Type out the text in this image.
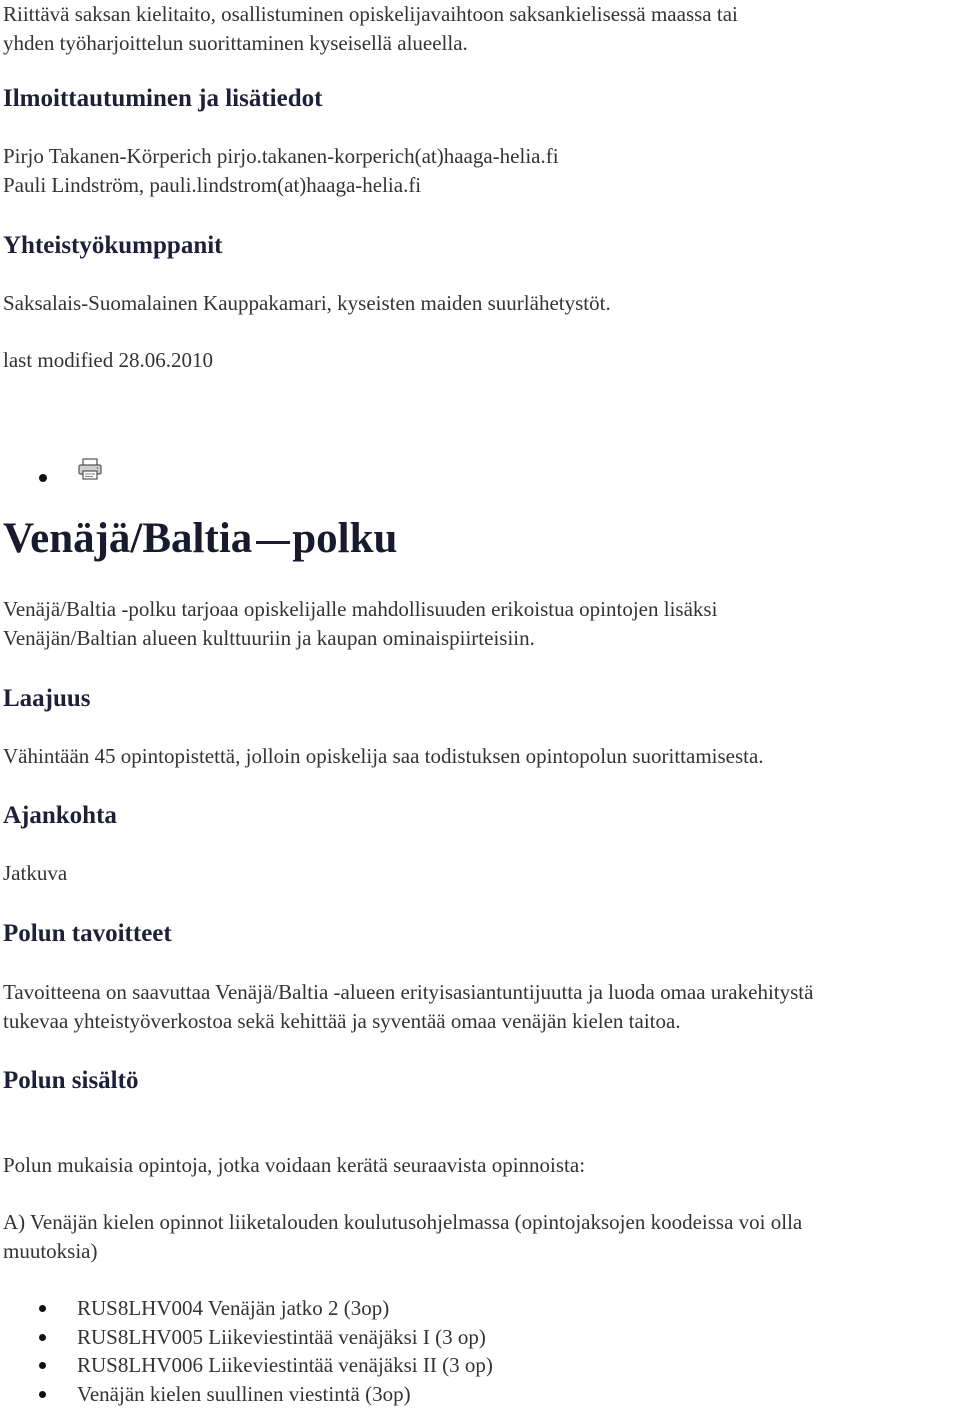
Riittävä saksan kielitaito, osallistuminen opiskelijavaihtoon saksankielisessä maassa tai

yhden työharjoittelun suorittaminen kyseisellä alueella.

Ilmoittautuminen ja lisätiedot

Pirjo Takanen-Körperich pirjo.takanen-korperich(at)haaga-helia.fi

Pauli Lindström, pauli.lindstrom(at)haaga-helia.fi

Yhteistyökumppanit

Saksalais-Suomalainen Kauppakamari, kyseisten maiden suurlähetystöt.

last modified 28.06.2010

Venäjä/Baltia polku

Venäjä/Baltia -polku tarjoaa opiskelijalle mahdollisuuden erikoistua opintojen lisäksi

Venäjän/Baltian alueen kulttuuriin ja kaupan ominaispiirteisiin.

Laajuus

Vähintään 45 opintopistettä, jolloin opiskelija saa todistuksen opintopolun suorittamisesta.

Ajankohta

Jatkuva

Polun tavoitteet

Tavoitteena on saavuttaa Venäjä/Baltia -alueen erityisasiantuntijuutta ja luoda omaa urakehitystä

tukevaa yhteistyöverkostoa sekä kehittää ja syventää omaa venäjän kielen taitoa.

Polun sisältö

Polun mukaisia opintoja, jotka voidaan kerätä seuraavista opinnoista:

A) Venäjän kielen opinnot liiketalouden koulutusohjelmassa (opintojaksojen koodeissa voi olla

muutoksia)

RUS8LHV004 Venäjän jatko 2 (3op)
RUS8LHV005 Liikeviestintää venäjäksi I (3 op)
RUS8LHV006 Liikeviestintää venäjäksi II (3 op)
Venäjän kielen suullinen viestintä (3op)
